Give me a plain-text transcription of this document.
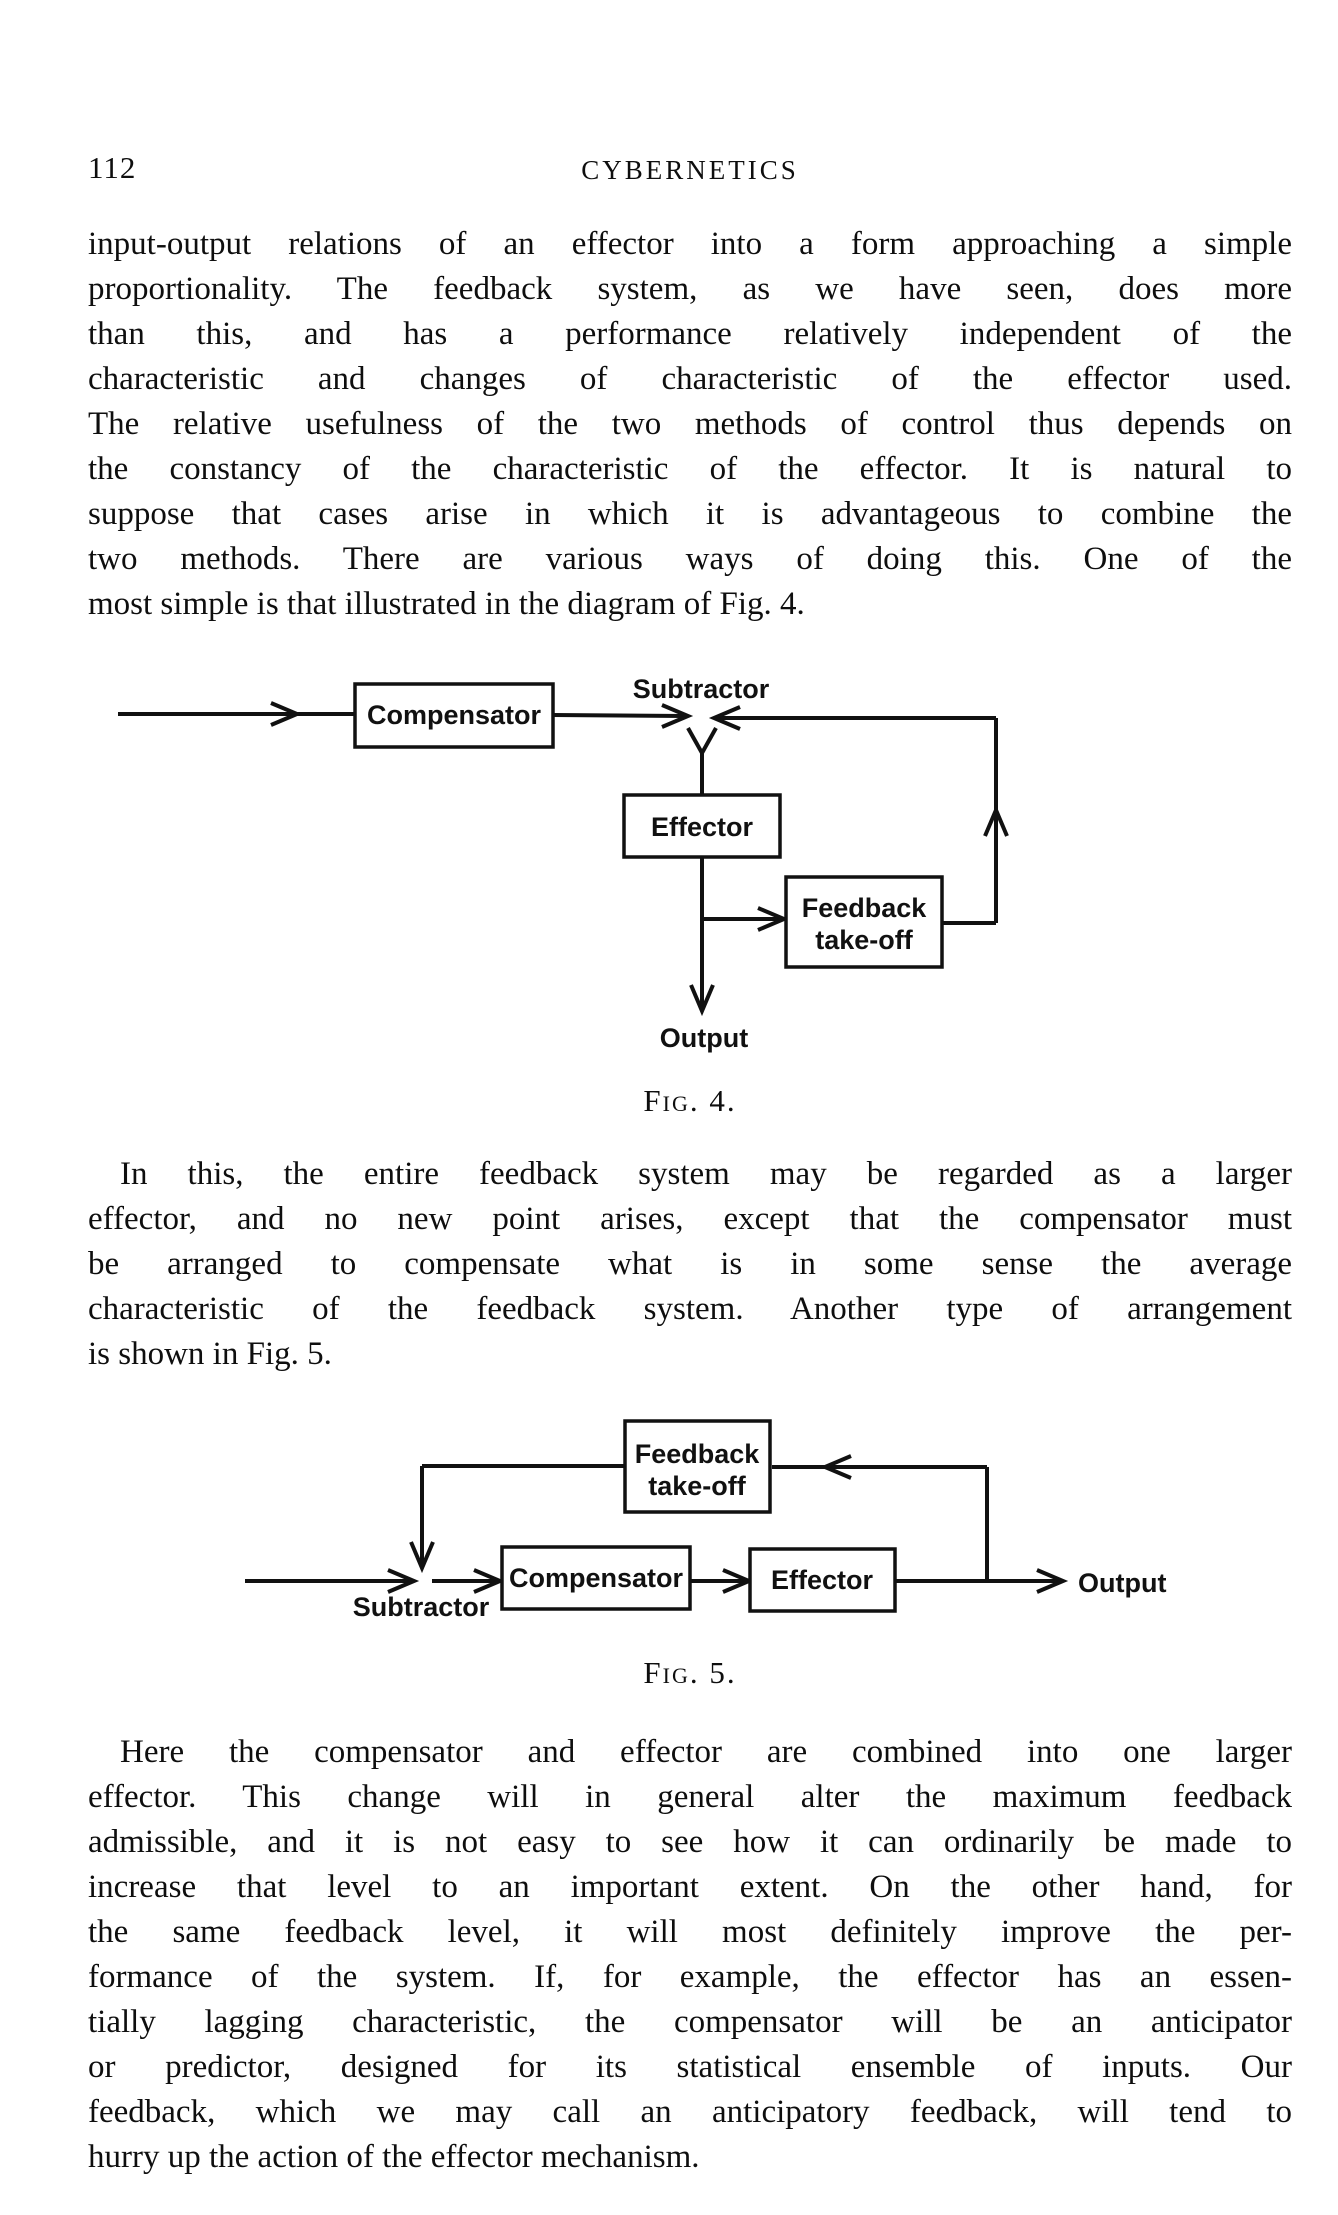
112	CYBERNETICS
input-output relations of an effector into a form approaching a simple
proportionality. The feedback system, as we have seen, does more
than this, and has a performance relatively independent of the
characteristic and changes of characteristic of the effector used.
The relative usefulness of the two methods of control thus depends on
the constancy of the characteristic of the effector. It is natural to
suppose that cases arise in which it is advantageous to combine the
two methods. There are various ways of doing this. One of the
most simple is that illustrated in the diagram of Fig. 4.
Compensator
Subtractor
Effector
Feedback
take-off
Output
Fig. 4.
In this, the entire feedback system may be regarded as a larger
effector, and no new point arises, except that the compensator must
be arranged to compensate what is in some sense the average
characteristic of the feedback system. Another type of arrangement
is shown in Fig. 5.
Feedback
take-off
Subtractor
Compensator	Effector	Output
Fig. 5.
Here the compensator and effector are combined into one larger
effector. This change will in general alter the maximum feedback
admissible, and it is not easy to see how it can ordinarily be made to
increase that level to an important extent. On the other hand, for
the same feedback level, it will most definitely improve the per-
formance of the system. If, for example, the effector has an essen-
tially lagging characteristic, the compensator will be an anticipator
or predictor, designed for its statistical ensemble of inputs. Our
feedback, which we may call an anticipatory feedback, will tend to
hurry up the action of the effector mechanism.
